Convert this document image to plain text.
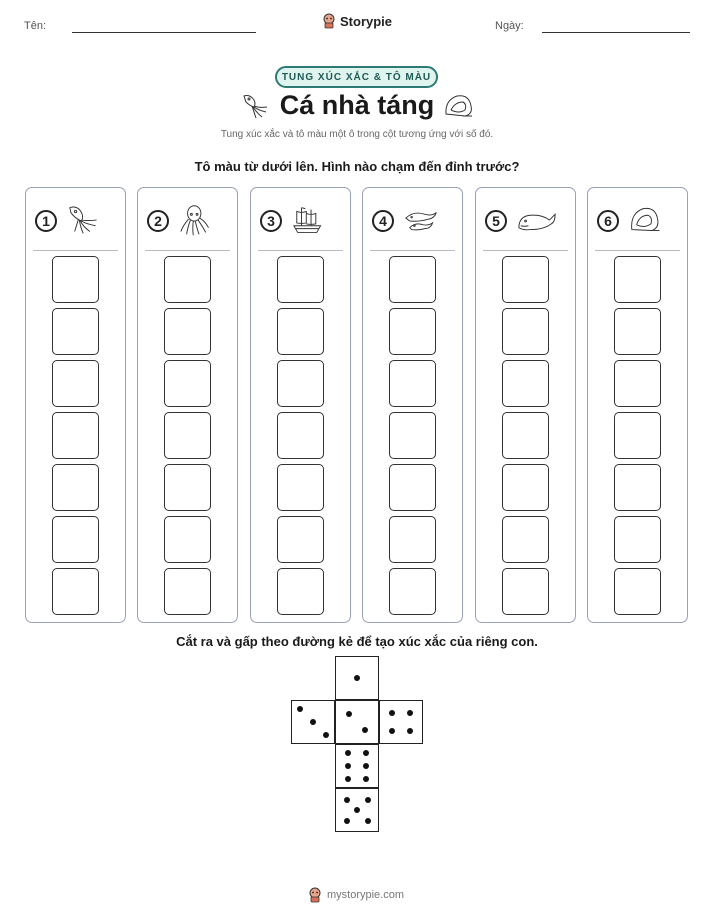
Tên:	Storypie	Ngày:
TUNG XÚC XẮC & TÔ MÀU
Cá nhà táng
Tung xúc xắc và tô màu một ô trong cột tương ứng với số đó.
Tô màu từ dưới lên. Hình nào chạm đến đỉnh trước?
1	2	3	4	5	6
Cắt ra và gấp theo đường kẻ để tạo xúc xắc của riêng con.
mystorypie.com
